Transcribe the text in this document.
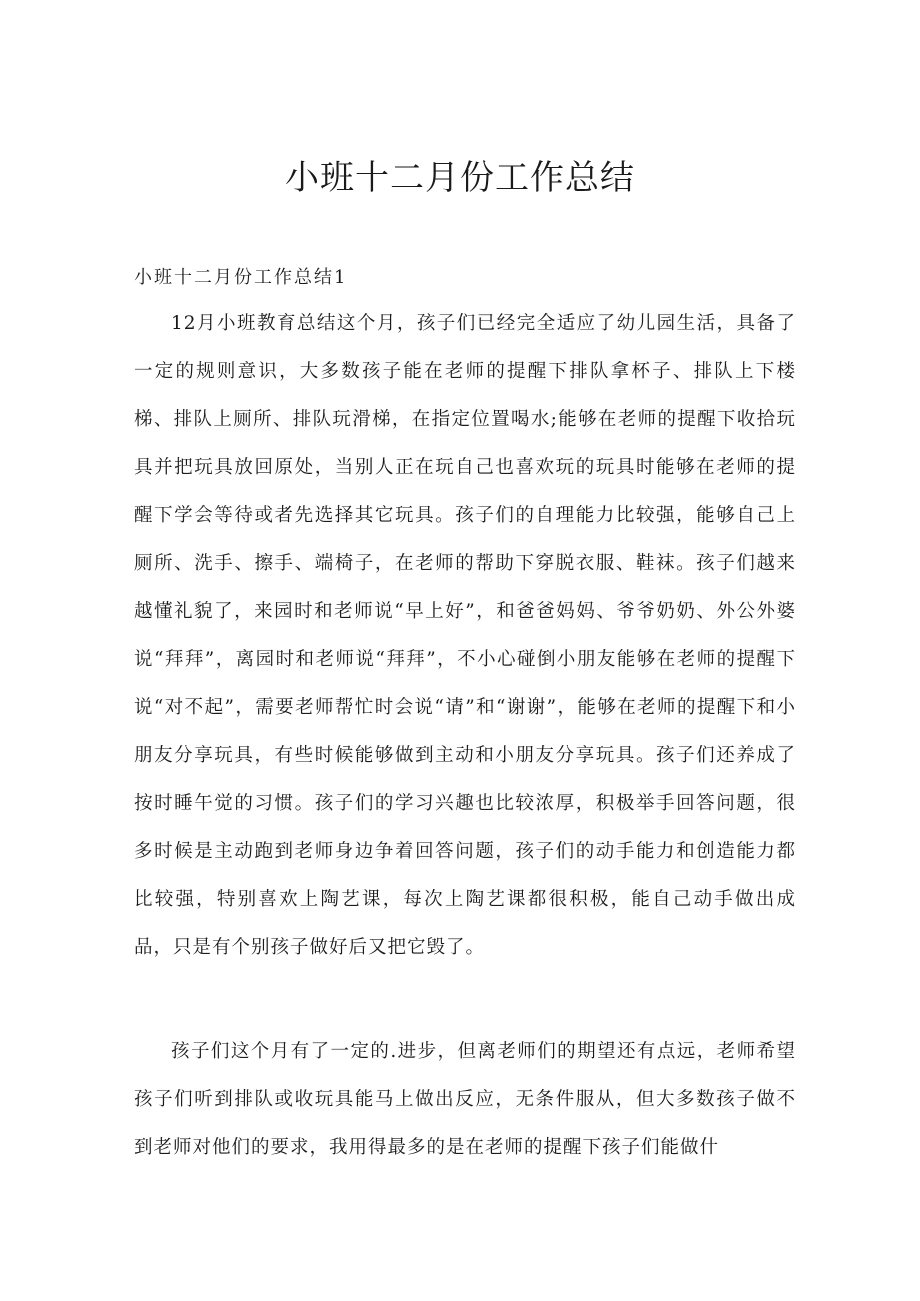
小班十二月份工作总结

小班十二月份工作总结1

12月小班教育总结这个月，孩子们已经完全适应了幼儿园生活，具备了一定的规则意识，大多数孩子能在老师的提醒下排队拿杯子、排队上下楼梯、排队上厕所、排队玩滑梯，在指定位置喝水;能够在老师的提醒下收拾玩具并把玩具放回原处，当别人正在玩自己也喜欢玩的玩具时能够在老师的提醒下学会等待或者先选择其它玩具。孩子们的自理能力比较强，能够自己上厕所、洗手、擦手、端椅子，在老师的帮助下穿脱衣服、鞋袜。孩子们越来越懂礼貌了，来园时和老师说“早上好”，和爸爸妈妈、爷爷奶奶、外公外婆说“拜拜”，离园时和老师说“拜拜”，不小心碰倒小朋友能够在老师的提醒下说“对不起”，需要老师帮忙时会说“请”和“谢谢”，能够在老师的提醒下和小朋友分享玩具，有些时候能够做到主动和小朋友分享玩具。孩子们还养成了按时睡午觉的习惯。孩子们的学习兴趣也比较浓厚，积极举手回答问题，很多时候是主动跑到老师身边争着回答问题，孩子们的动手能力和创造能力都比较强，特别喜欢上陶艺课，每次上陶艺课都很积极，能自己动手做出成品，只是有个别孩子做好后又把它毁了。

孩子们这个月有了一定的.进步，但离老师们的期望还有点远，老师希望孩子们听到排队或收玩具能马上做出反应，无条件服从，但大多数孩子做不到老师对他们的要求，我用得最多的是在老师的提醒下孩子们能做什
